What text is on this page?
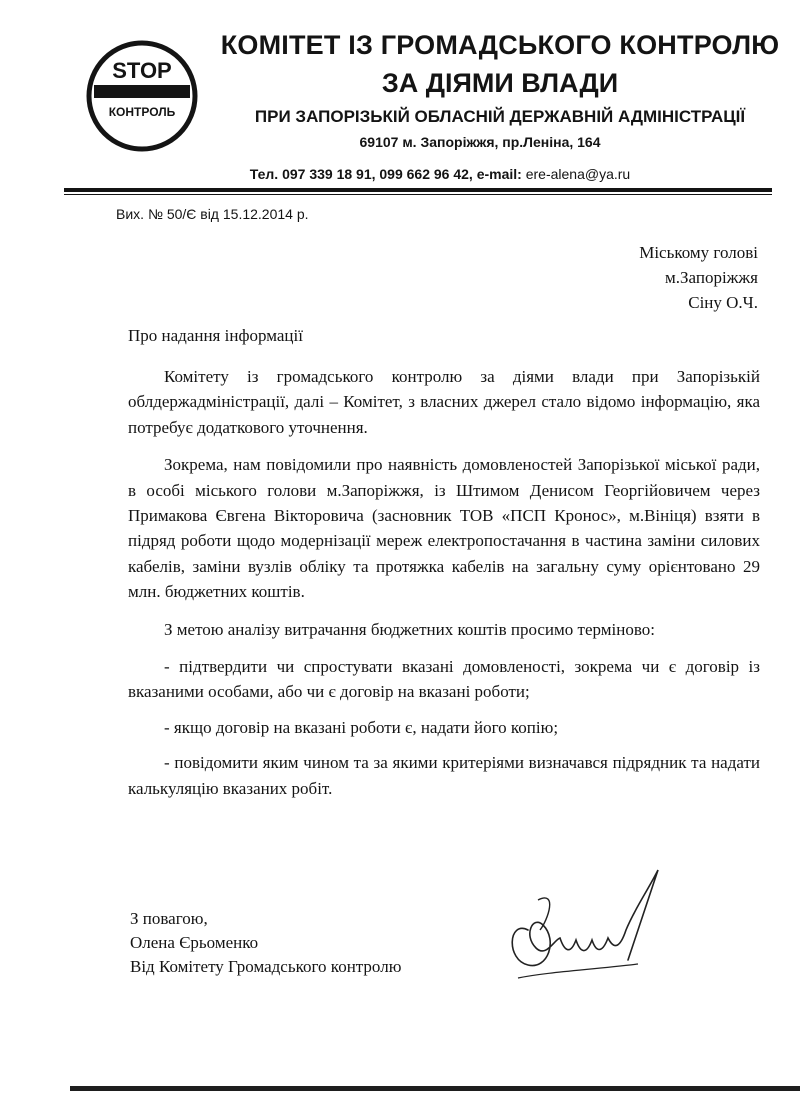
STOP
КОНТРОЛЬ
КОМІТЕТ ІЗ ГРОМАДСЬКОГО КОНТРОЛЮ
ЗА ДІЯМИ ВЛАДИ
ПРИ ЗАПОРІЗЬКІЙ ОБЛАСНІЙ ДЕРЖАВНІЙ АДМІНІСТРАЦІЇ
69107 м. Запоріжжя, пр.Леніна, 164
Тел. 097 339 18 91, 099 662 96 42, e-mail: ere-alena@ya.ru
Вих. № 50/Є від 15.12.2014 р.
Міському голові
м.Запоріжжя
Сіну О.Ч.
Про надання інформації

Комітету із громадського контролю за діями влади при Запорізькій облдержадміністрації, далі – Комітет, з власних джерел стало відомо інформацію, яка потребує додаткового уточнення.

Зокрема, нам повідомили про наявність домовленостей Запорізької міської ради, в особі міського голови м.Запоріжжя, із Штимом Денисом Георгійовичем через Примакова Євгена Вікторовича (засновник ТОВ «ПСП Кронос», м.Вініця) взяти в підряд роботи щодо модернізації мереж електропостачання в частина заміни силових кабелів, заміни вузлів обліку та протяжка кабелів на загальну суму орієнтовано 29 млн. бюджетних коштів.

З метою аналізу витрачання бюджетних коштів просимо терміново:

- підтвердити чи спростувати вказані домовленості, зокрема чи є договір із вказаними особами, або чи є договір на вказані роботи;

- якщо договір на вказані роботи є, надати його копію;

- повідомити яким чином та за якими критеріями визначався підрядник та надати калькуляцію вказаних робіт.

З повагою,
Олена Єрьоменко
Від Комітету Громадського контролю
